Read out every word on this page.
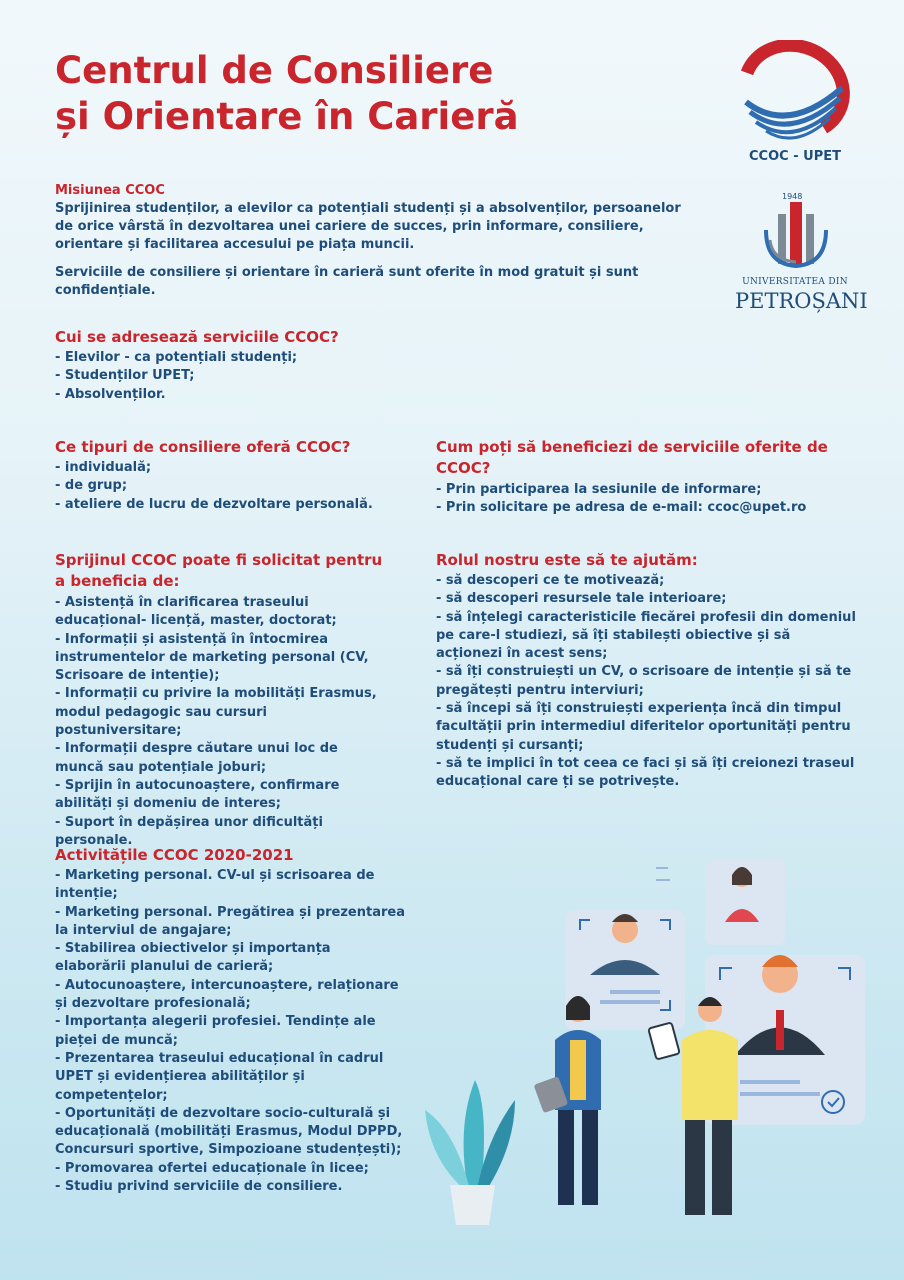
Centrul de Consiliere
și Orientare în Carieră
CCOC - UPET
1948
UNIVERSITATEA DIN
PETROȘANI
Misiunea CCOC

Sprijinirea studenților, a elevilor ca potențiali studenți și a absolvenților, persoanelor de orice vârstă în dezvoltarea unei cariere de succes, prin informare, consiliere, orientare și facilitarea accesului pe piața muncii.

Serviciile de consiliere și orientare în carieră sunt oferite în mod gratuit și sunt confidențiale.

Cui se adresează serviciile CCOC?
- Elevilor - ca potențiali studenți;
- Studenților UPET;
- Absolvenților.
Ce tipuri de consiliere oferă CCOC?
- individuală;
- de grup;
- ateliere de lucru de dezvoltare personală.
Cum poți să beneficiezi de serviciile oferite de CCOC?
- Prin participarea la sesiunile de informare;
- Prin solicitare pe adresa de e-mail: ccoc@upet.ro
Sprijinul CCOC poate fi solicitat pentru a beneficia de:
- Asistență în clarificarea traseului educațional- licență, master, doctorat;
- Informații și asistență în întocmirea instrumentelor de marketing personal (CV, Scrisoare de intenție);
- Informații cu privire la mobilități Erasmus, modul pedagogic sau cursuri postuniversitare;
- Informații despre căutare unui loc de muncă sau potențiale joburi;
- Sprijin în autocunoaștere, confirmare abilități și domeniu de interes;
- Suport în depășirea unor dificultăți personale.
Rolul nostru este să te ajutăm:
- să descoperi ce te motivează;
- să descoperi resursele tale interioare;
- să înțelegi caracteristicile fiecărei profesii din domeniul pe care-l studiezi, să îți stabilești obiective și să acționezi în acest sens;
- să îți construiești un CV, o scrisoare de intenție și să te pregătești pentru interviuri;
- să începi să îți construiești experiența încă din timpul facultății prin intermediul diferitelor oportunități pentru studenți și cursanți;
- să te implici în tot ceea ce faci și să îți creionezi traseul educațional care ți se potrivește.
Activitățile CCOC 2020-2021
- Marketing personal. CV-ul și scrisoarea de intenție;
- Marketing personal. Pregătirea și prezentarea la interviul de angajare;
- Stabilirea obiectivelor și importanța elaborării planului de carieră;
- Autocunoaștere, intercunoaștere, relaționare și dezvoltare profesională;
- Importanța alegerii profesiei. Tendințe ale pieței de muncă;
- Prezentarea traseului educațional în cadrul UPET și evidențierea abilităților și competențelor;
- Oportunități de dezvoltare socio-culturală și educațională (mobilități Erasmus, Modul DPPD, Concursuri sportive, Simpozioane studențești);
- Promovarea ofertei educaționale în licee;
- Studiu privind serviciile de consiliere.
